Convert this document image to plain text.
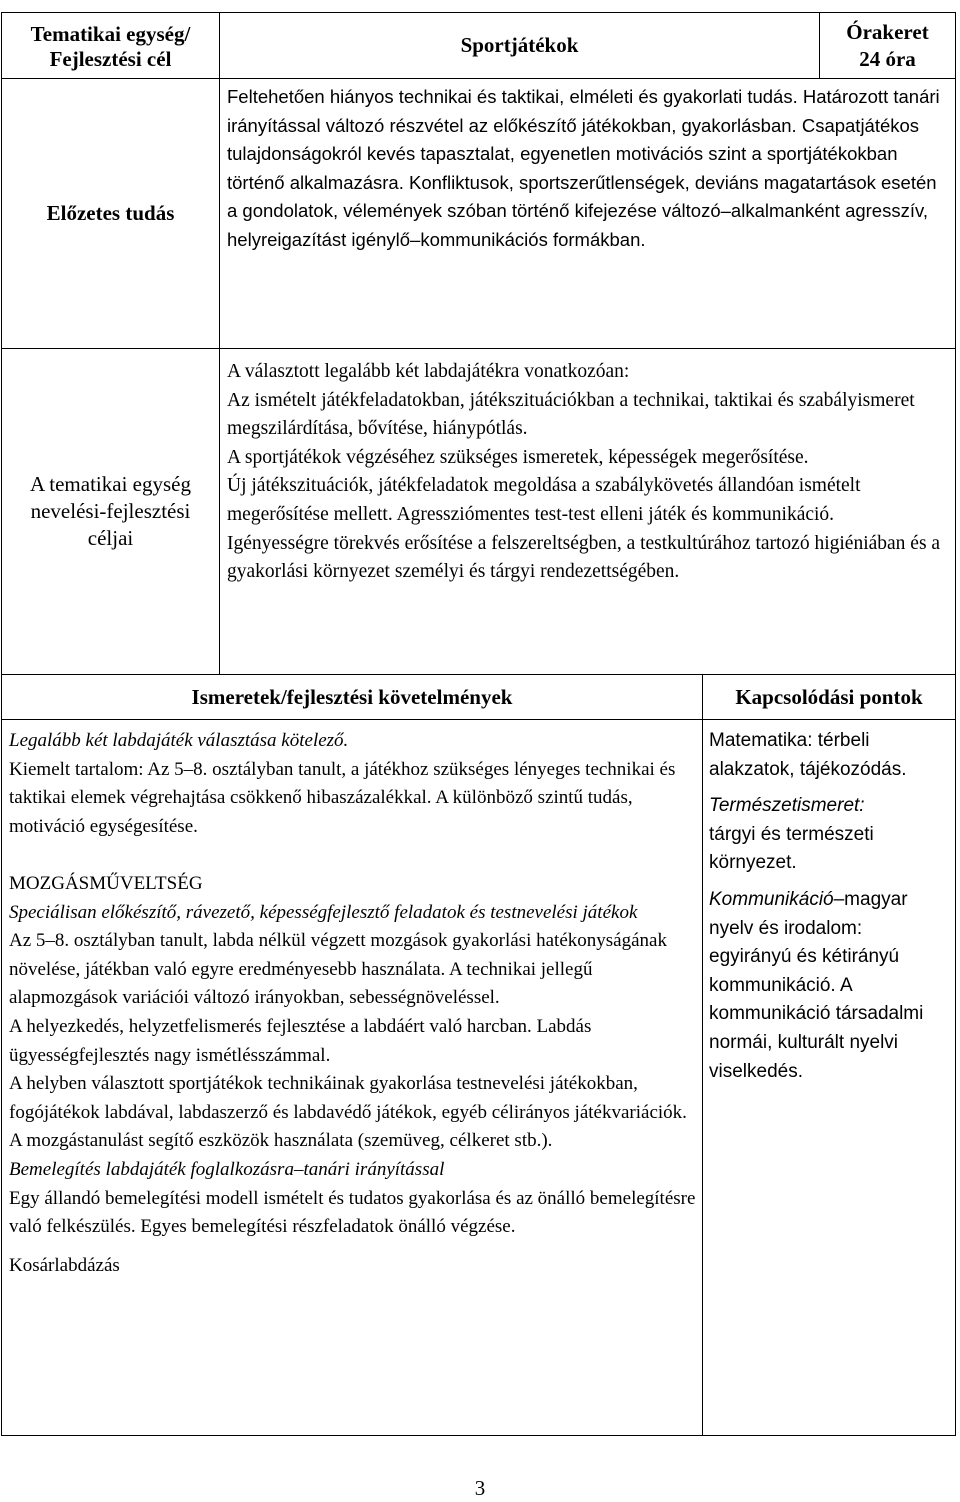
Tematikai egység/
Fejlesztési cél
Sportjátékok
Órakeret
24 óra
Előzetes tudás
Feltehetően hiányos technikai és taktikai, elméleti és gyakorlati tudás. Határozott tanári irányítással változó részvétel az előkészítő játékokban, gyakorlásban. Csapatjátékos tulajdonságokról kevés tapasztalat, egyenetlen motivációs szint a sportjátékokban történő alkalmazásra. Konfliktusok, sportszerűtlenségek, deviáns magatartások esetén a gondolatok, vélemények szóban történő kifejezése változó–alkalmanként agresszív, helyreigazítást igénylő–kommunikációs formákban.
A tematikai egység
nevelési-fejlesztési
céljai
A választott legalább két labdajátékra vonatkozóan:
Az ismételt játékfeladatokban, játékszituációkban a technikai, taktikai és szabályismeret megszilárdítása, bővítése, hiánypótlás.
A sportjátékok végzéséhez szükséges ismeretek, képességek megerősítése.
Új játékszituációk, játékfeladatok megoldása a szabálykövetés állandóan ismételt megerősítése mellett. Agressziómentes test-test elleni játék és kommunikáció.
Igényességre törekvés erősítése a felszereltségben, a testkultúrához tartozó higiéniában és a gyakorlási környezet személyi és tárgyi rendezettségében.
Ismeretek/fejlesztési követelmények	Kapcsolódási pontok

Legalább két labdajáték választása kötelező.

Kiemelt tartalom: Az 5–8. osztályban tanult, a játékhoz szükséges lényeges technikai és taktikai elemek végrehajtása csökkenő hibaszázalékkal. A különböző szintű tudás, motiváció egységesítése.

MOZGÁSMŰVELTSÉG

Speciálisan előkészítő, rávezető, képességfejlesztő feladatok és testnevelési játékok

Az 5–8. osztályban tanult, labda nélkül végzett mozgások gyakorlási hatékonyságának növelése, játékban való egyre eredményesebb használata. A technikai jellegű alapmozgások variációi változó irányokban, sebességnöveléssel.

A helyezkedés, helyzetfelismerés fejlesztése a labdáért való harcban. Labdás ügyességfejlesztés nagy ismétlésszámmal.

A helyben választott sportjátékok technikáinak gyakorlása testnevelési játékokban, fogójátékok labdával, labdaszerző és labdavédő játékok, egyéb célirányos játékvariációk. A mozgástanulást segítő eszközök használata (szemüveg, célkeret stb.).

Bemelegítés labdajáték foglalkozásra–tanári irányítással

Egy állandó bemelegítési modell ismételt és tudatos gyakorlása és az önálló bemelegítésre való felkészülés. Egyes bemelegítési részfeladatok önálló végzése.

Kosárlabdázás

Matematika: térbeli alakzatok, tájékozódás.

Természetismeret:

tárgyi és természeti környezet.

Kommunikáció–magyar nyelv és irodalom:

egyirányú és kétirányú kommunikáció. A kommunikáció társadalmi normái, kulturált nyelvi viselkedés.

3
